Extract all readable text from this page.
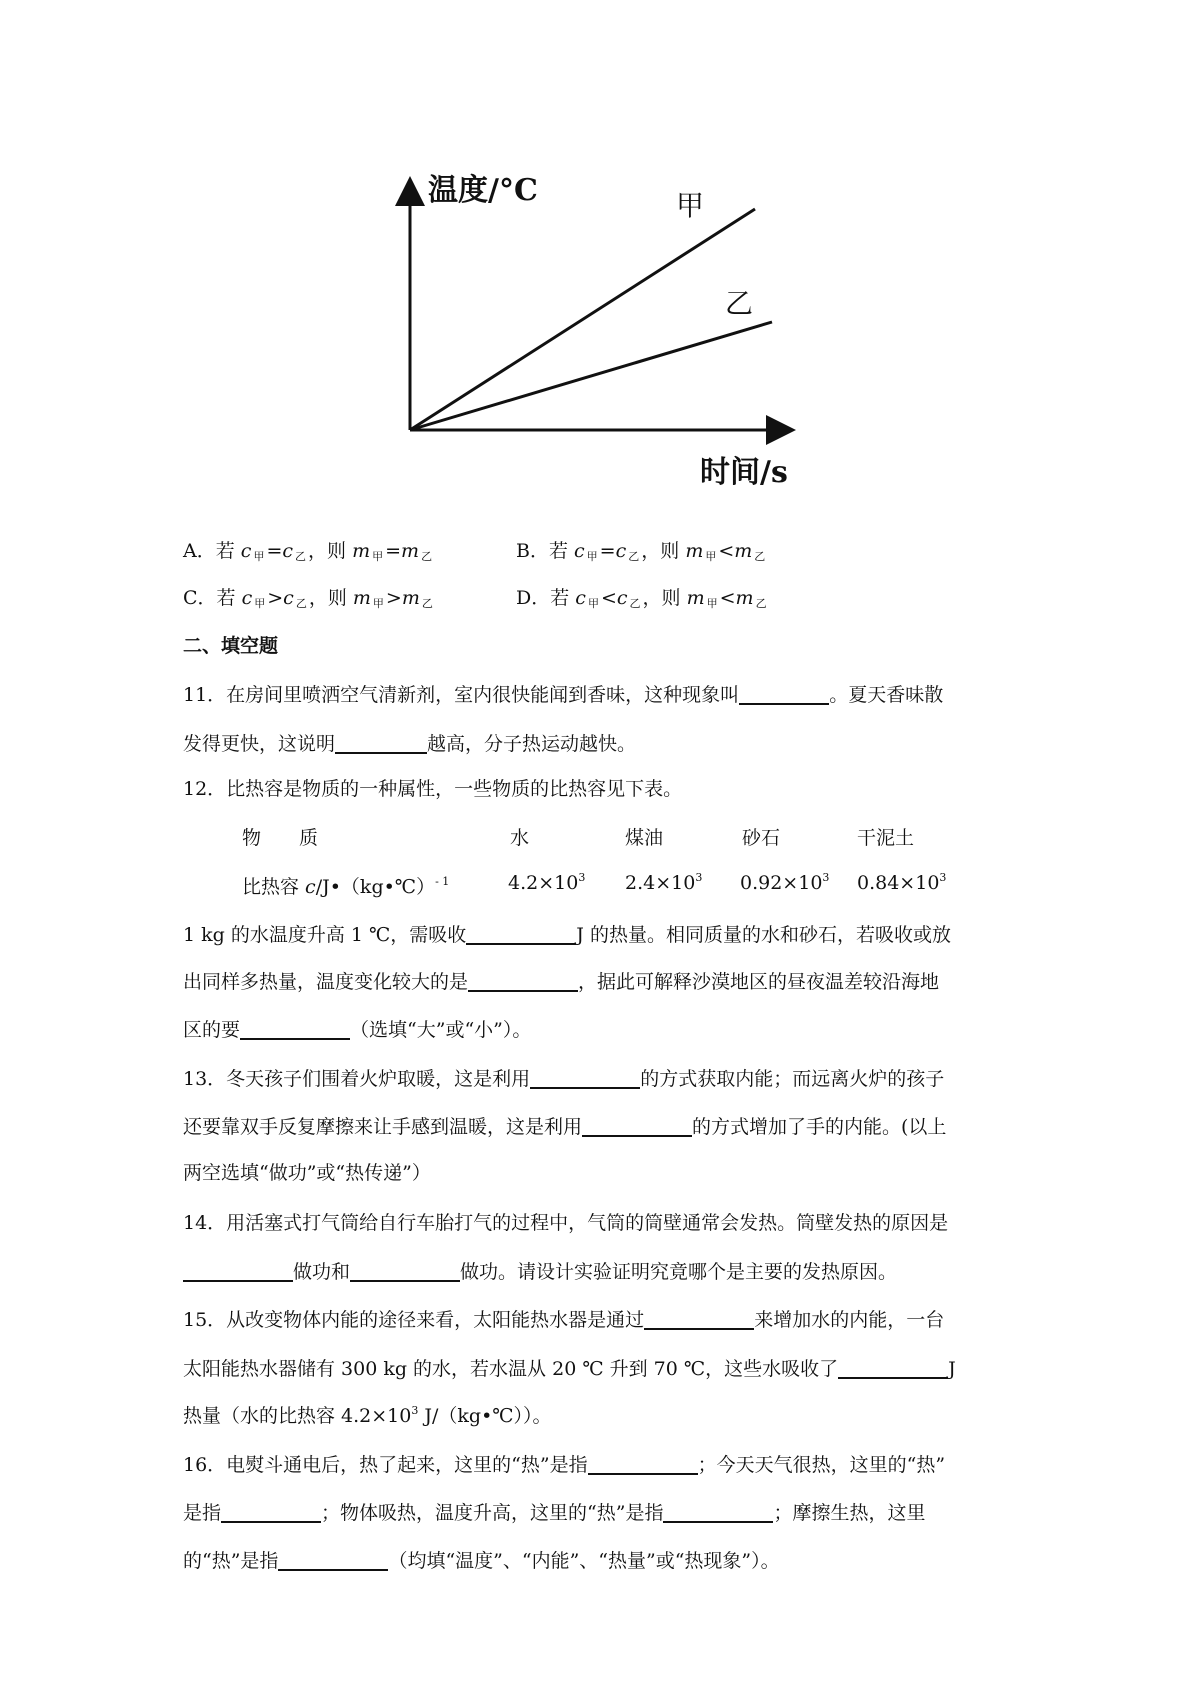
温度/°C
时间/s
甲
乙
A．若 c $_甲$ =c $_乙$ ，则 m $_甲$ =m $_乙$	B．若 c $_甲$ =c $_乙$ ，则 m $_甲$ <m $_乙$
C．若 c $_甲$ >c $_乙$ ，则 m $_甲$ >m $_乙$	D．若 c $_甲$ <c $_乙$ ，则 m $_甲$ <m $_乙$
二、填空题
11．在房间里喷洒空气清新剂，室内很快能闻到香味，这种现象叫	。夏天香味散
发得更快，这说明	越高，分子热运动越快。
12．比热容是物质的一种属性，一些物质的比热容见下表。
物　　质	水	煤油	砂石	干泥土
比热容 c/J•（kg•℃）$^{- 1}$	$4.2\times 10^3$ $2.4\times 10^3$ $0.92\times 10^3$ $0.84\times 10^3$
1 kg 的水温度升高 1 ℃，需吸收	J 的热量。相同质量的水和砂石，若吸收或放
出同样多热量，温度变化较大的是	，据此可解释沙漠地区的昼夜温差较沿海地
区的要	（选填“大”或“小”）。
13．冬天孩子们围着火炉取暖，这是利用	的方式获取内能；而远离火炉的孩子
还要靠双手反复摩擦来让手感到温暖，这是利用	的方式增加了手的内能。(以上
两空选填“做功”或“热传递”）
14．用活塞式打气筒给自行车胎打气的过程中，气筒的筒壁通常会发热。筒壁发热的原因是
做功和	做功。请设计实验证明究竟哪个是主要的发热原因。
15．从改变物体内能的途径来看，太阳能热水器是通过	来增加水的内能，一台
太阳能热水器储有 300 kg 的水，若水温从 20 ℃ 升到 70 ℃，这些水吸收了	J
热量（水的比热容 $4.2\times 10^3$ J/（kg•℃））。
16．电熨斗通电后，热了起来，这里的“热”是指	；今天天气很热，这里的“热”
是指	；物体吸热，温度升高，这里的“热”是指	；摩擦生热，这里
的“热”是指	（均填“温度”、“内能”、“热量”或“热现象”）。
